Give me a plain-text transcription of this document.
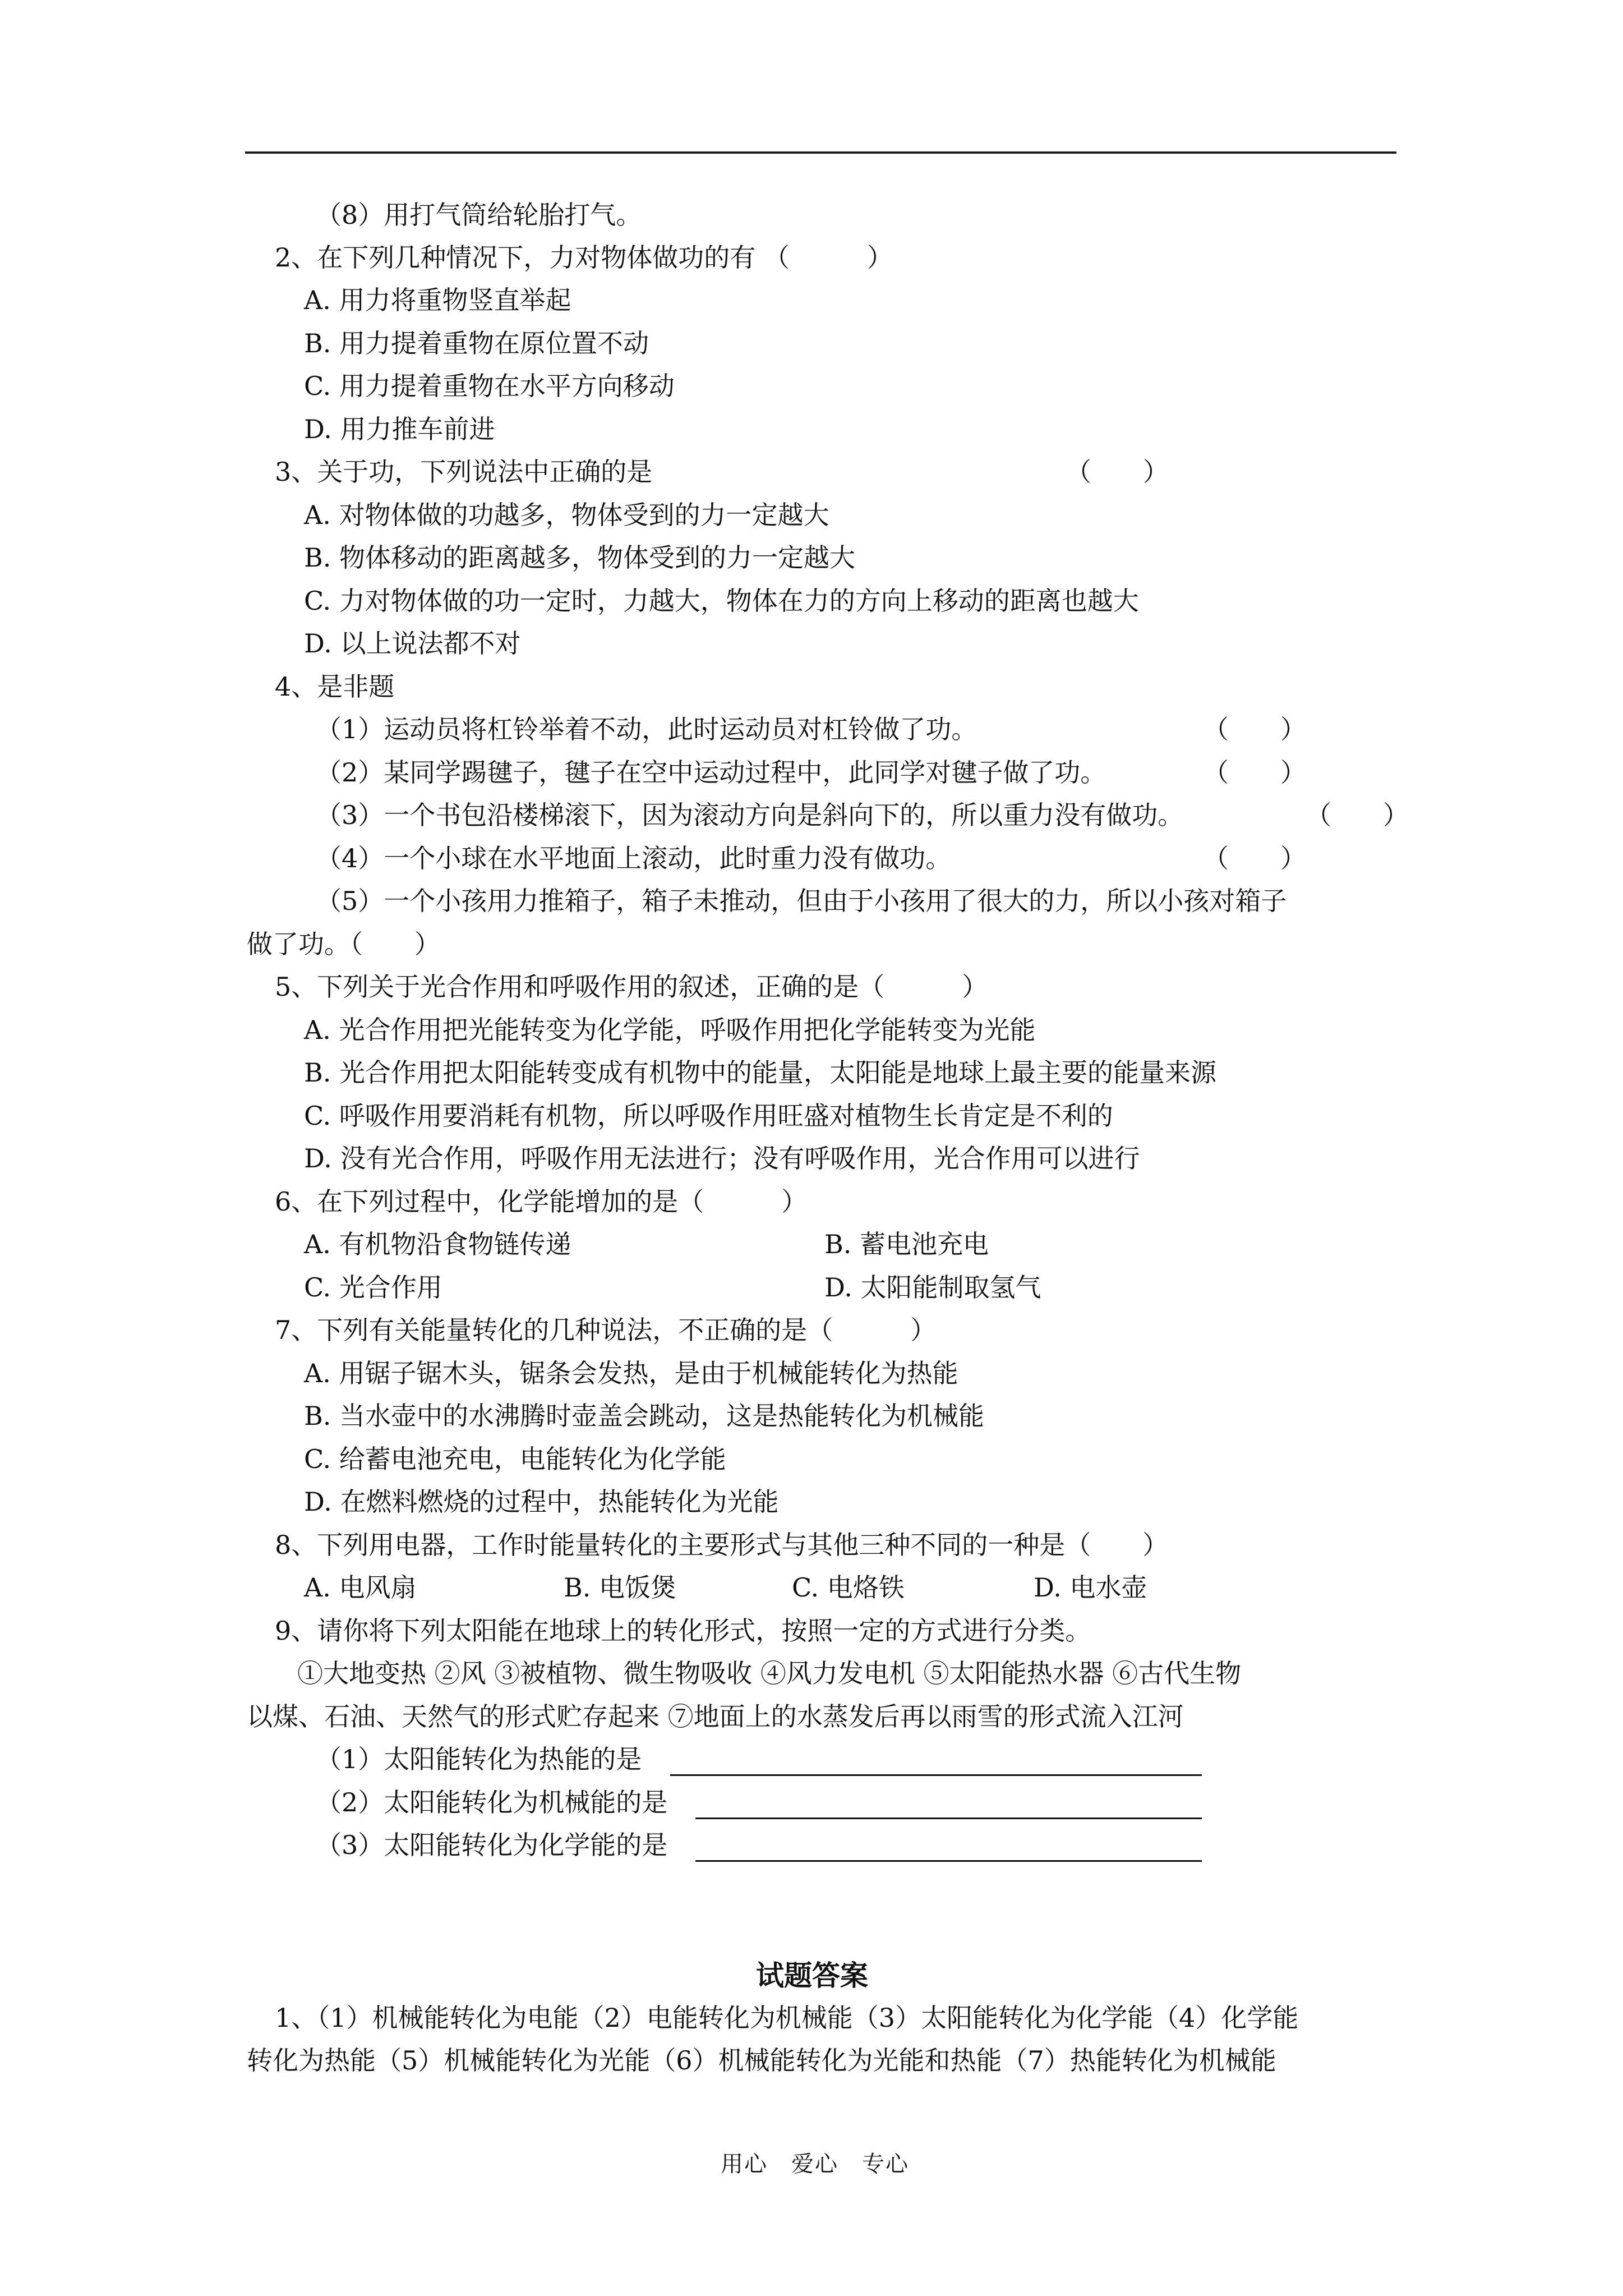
（8）用打气筒给轮胎打气。
2、在下列几种情况下，力对物体做功的有 （　　　）
A. 用力将重物竖直举起
B. 用力提着重物在原位置不动
C. 用力提着重物在水平方向移动
D. 用力推车前进
3、关于功，下列说法中正确的是	（　　）
A. 对物体做的功越多，物体受到的力一定越大
B. 物体移动的距离越多，物体受到的力一定越大
C. 力对物体做的功一定时，力越大，物体在力的方向上移动的距离也越大
D. 以上说法都不对
4、是非题
（1）运动员将杠铃举着不动，此时运动员对杠铃做了功。	（　　）
（2）某同学踢毽子，毽子在空中运动过程中，此同学对毽子做了功。	（　　）
（3）一个书包沿楼梯滚下，因为滚动方向是斜向下的，所以重力没有做功。	（　　）
（4）一个小球在水平地面上滚动，此时重力没有做功。	（　　）
（5）一个小孩用力推箱子，箱子未推动，但由于小孩用了很大的力，所以小孩对箱子
做了功。（　　）
5、下列关于光合作用和呼吸作用的叙述，正确的是（　　　）
A. 光合作用把光能转变为化学能，呼吸作用把化学能转变为光能
B. 光合作用把太阳能转变成有机物中的能量，太阳能是地球上最主要的能量来源
C. 呼吸作用要消耗有机物，所以呼吸作用旺盛对植物生长肯定是不利的
D. 没有光合作用，呼吸作用无法进行；没有呼吸作用，光合作用可以进行
6、在下列过程中，化学能增加的是（　　　）
A. 有机物沿食物链传递	B. 蓄电池充电
C. 光合作用	D. 太阳能制取氢气
7、下列有关能量转化的几种说法，不正确的是（　　　）
A. 用锯子锯木头，锯条会发热，是由于机械能转化为热能
B. 当水壶中的水沸腾时壶盖会跳动，这是热能转化为机械能
C. 给蓄电池充电，电能转化为化学能
D. 在燃料燃烧的过程中，热能转化为光能
8、下列用电器，工作时能量转化的主要形式与其他三种不同的一种是（　　）
A. 电风扇	B. 电饭煲	C. 电烙铁	D. 电水壶
9、请你将下列太阳能在地球上的转化形式，按照一定的方式进行分类。
①大地变热 ②风 ③被植物、微生物吸收 ④风力发电机 ⑤太阳能热水器 ⑥古代生物
以煤、石油、天然气的形式贮存起来 ⑦地面上的水蒸发后再以雨雪的形式流入江河
（1）太阳能转化为热能的是
（2）太阳能转化为机械能的是
（3）太阳能转化为化学能的是
试题答案
1、（1）机械能转化为电能（2）电能转化为机械能（3）太阳能转化为化学能（4）化学能
转化为热能（5）机械能转化为光能（6）机械能转化为光能和热能（7）热能转化为机械能
用心　爱心　专心
